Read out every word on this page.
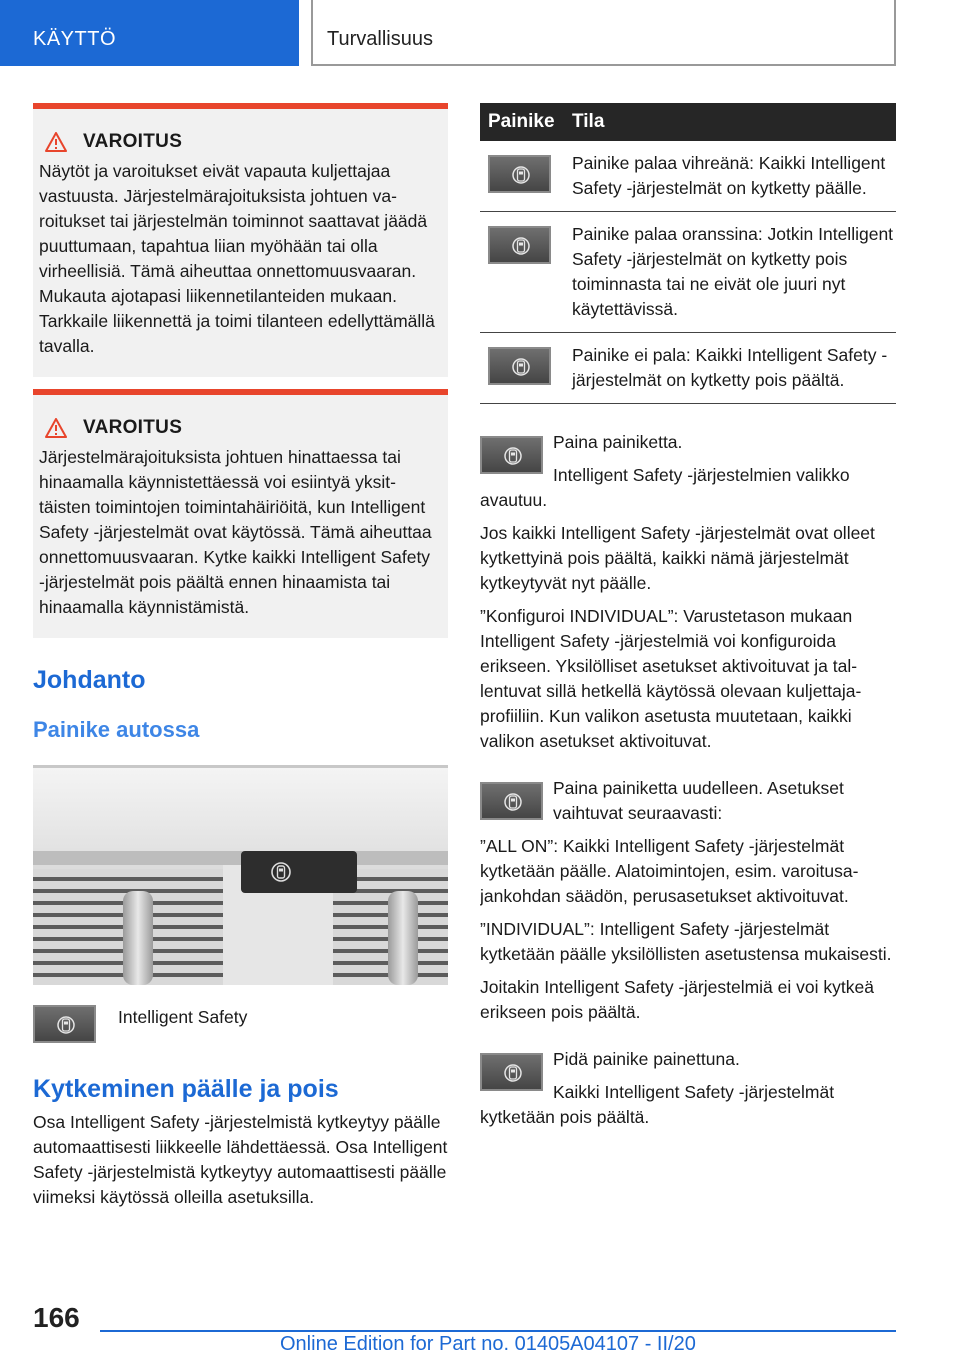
KÄYTTÖ	Turvallisuus
VAROITUS

Näytöt ja varoitukset eivät vapauta kuljettajaa vastuusta. Järjestelmärajoituksista johtuen varoitukset tai järjestelmän toiminnot saattavat jäädä puuttumaan, tapahtua liian myöhään tai olla virheellisiä. Tämä aiheuttaa onnettomuusvaaran. Mukauta ajotapasi liikennetilanteiden mukaan. Tarkkaile liikennettä ja toimi tilanteen edellyttämällä tavalla.

VAROITUS

Järjestelmärajoituksista johtuen hinattaessa tai hinaamalla käynnistettäessä voi esiintyä yksittäisten toimintojen toimintahäiriöitä, kun Intelligent Safety -järjestelmät ovat käytössä. Tämä aiheuttaa onnettomuusvaaran. Kytke kaikki Intelligent Safety -järjestelmät pois päältä ennen hinaamista tai hinaamalla käynnistämistä.

Johdanto
Painike autossa
Intelligent Safety
Kytkeminen päälle ja pois

Osa Intelligent Safety -järjestelmistä kytkeytyy päälle automaattisesti liikkeelle lähdettäessä. Osa Intelligent Safety -järjestelmistä kytkeytyy automaattisesti päälle viimeksi käytössä olleilla asetuksilla.

Painike	Tila

	Painike palaa vihreänä: Kaikki Intelligent Safety -järjestelmät on kytketty päälle.

	Painike palaa oranssina: Jotkin Intelligent Safety -järjestelmät on kytketty pois toiminnasta tai ne eivät ole juuri nyt käytettävissä.

	Painike ei pala: Kaikki Intelligent Safety -järjestelmät on kytketty pois päältä.

Paina painiketta.

Intelligent Safety -järjestelmien valikko avautuu.

Jos kaikki Intelligent Safety -järjestelmät ovat olleet kytkettyinä pois päältä, kaikki nämä järjestelmät kytkeytyvät nyt päälle.

”Konfiguroi INDIVIDUAL”: Varustetason mukaan Intelligent Safety -järjestelmiä voi konfiguroida erikseen. Yksilölliset asetukset aktivoituvat ja tallentuvat sillä hetkellä käytössä olevaan kuljettajaprofiiliin. Kun valikon asetusta muutetaan, kaikki valikon asetukset aktivoituvat.

Paina painiketta uudelleen. Asetukset vaihtuvat seuraavasti:

”ALL ON”: Kaikki Intelligent Safety -järjestelmät kytketään päälle. Alatoimintojen, esim. varoitusajankohdan säädön, perusasetukset aktivoituvat.

”INDIVIDUAL”: Intelligent Safety -järjestelmät kytketään päälle yksilöllisten asetustensa mukaisesti.

Joitakin Intelligent Safety -järjestelmiä ei voi kytkeä erikseen pois päältä.

Pidä painike painettuna.

Kaikki Intelligent Safety -järjestelmät kytketään pois päältä.

166
Online Edition for Part no. 01405A04107 - II/20
